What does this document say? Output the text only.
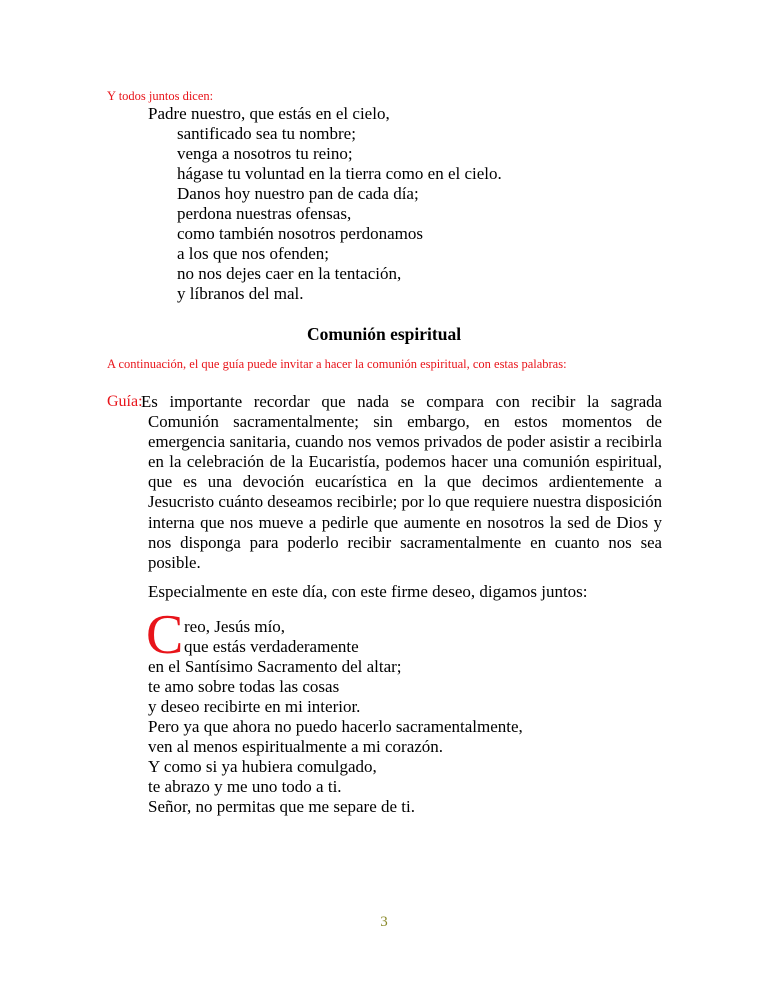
Y todos juntos dicen:
Padre nuestro, que estás en el cielo,
santificado sea tu nombre;
venga a nosotros tu reino;
hágase tu voluntad en la tierra como en el cielo.
Danos hoy nuestro pan de cada día;
perdona nuestras ofensas,
como también nosotros perdonamos
a los que nos ofenden;
no nos dejes caer en la tentación,
y líbranos del mal.
Comunión espiritual
A continuación, el que guía puede invitar a hacer la comunión espiritual, con estas palabras:
Guía:
Es importante recordar que nada se compara con recibir la sagrada Comunión sacramentalmente; sin embargo, en estos momentos de emergencia sanitaria, cuando nos vemos privados de poder asistir a recibirla en la celebración de la Eucaristía, podemos hacer una comunión espiritual, que es una devoción eucarística en la que decimos ardientemente a Jesucristo cuánto deseamos recibirle; por lo que requiere nuestra disposición interna que nos mueve a pedirle que aumente en nosotros la sed de Dios y nos disponga para poderlo recibir sacramentalmente en cuanto nos sea posible.
Especialmente en este día, con este firme deseo, digamos juntos:
C reo, Jesús mío,
que estás verdaderamente
en el Santísimo Sacramento del altar;
te amo sobre todas las cosas
y deseo recibirte en mi interior.
Pero ya que ahora no puedo hacerlo sacramentalmente,
ven al menos espiritualmente a mi corazón.
Y como si ya hubiera comulgado,
te abrazo y me uno todo a ti.
Señor, no permitas que me separe de ti.
3
